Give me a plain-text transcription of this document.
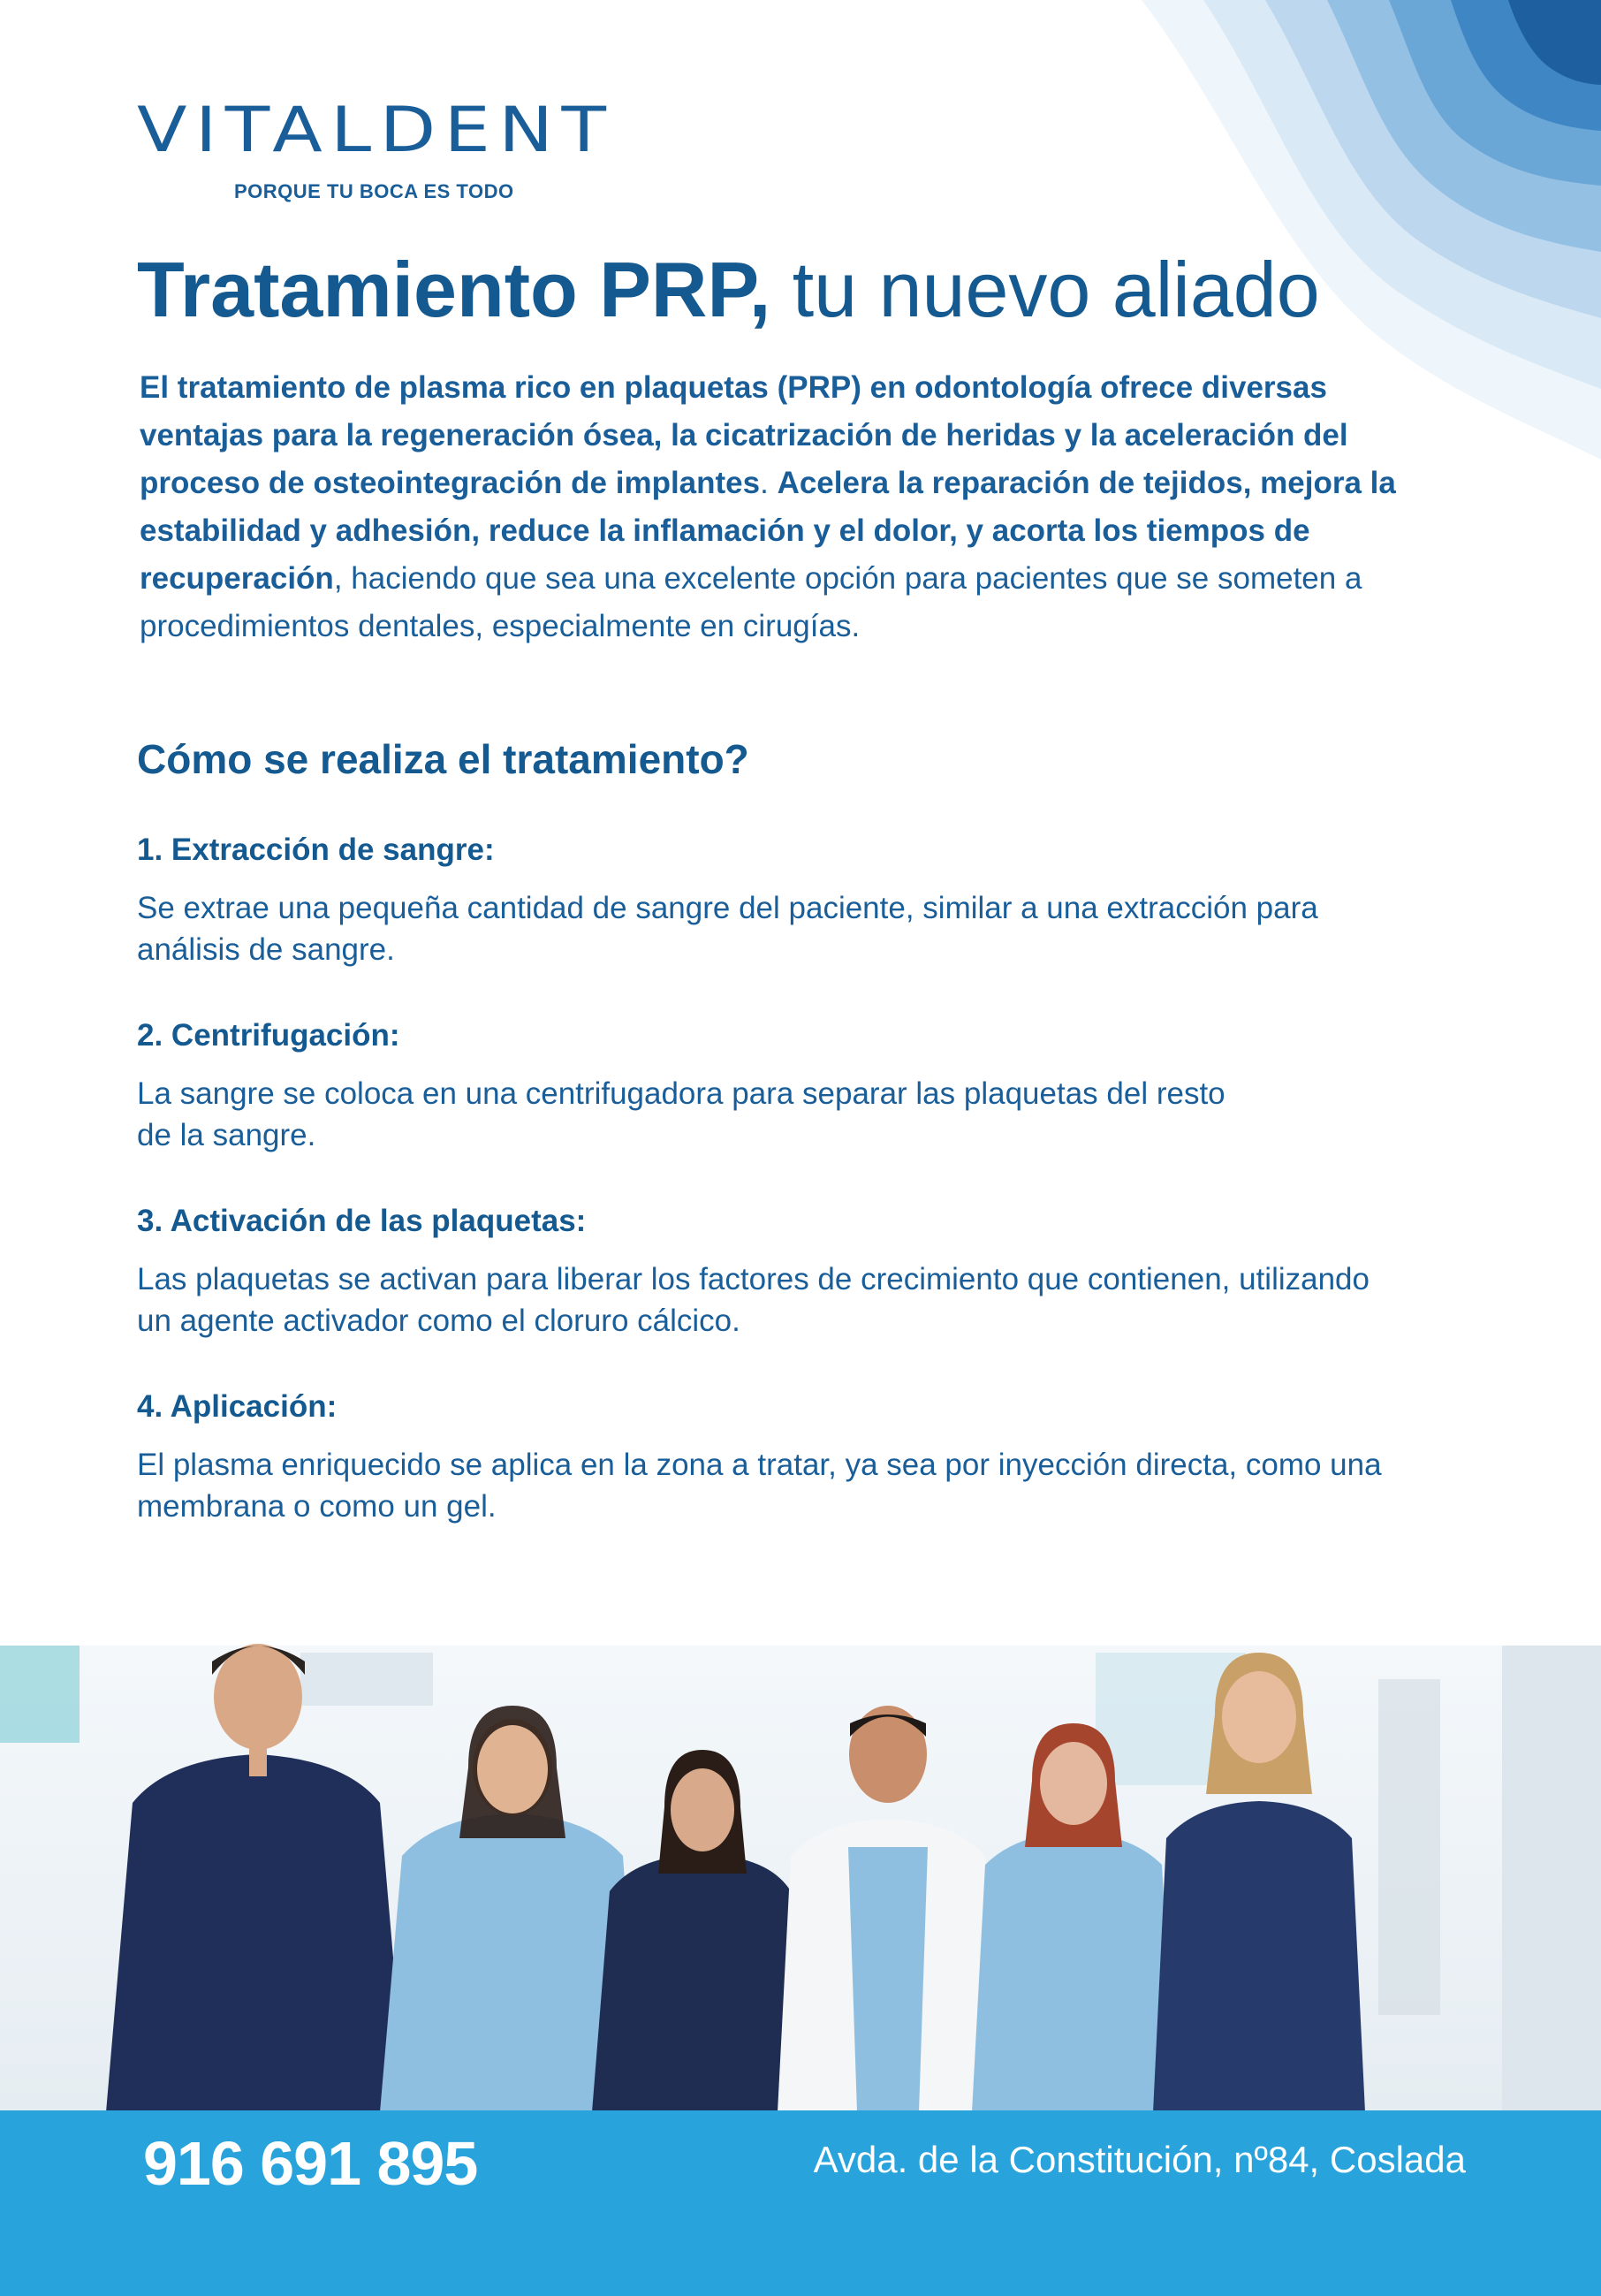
VITALDENT
PORQUE TU BOCA ES TODO
Tratamiento PRP, tu nuevo aliado

El tratamiento de plasma rico en plaquetas (PRP) en odontología ofrece diversas ventajas para la regeneración ósea, la cicatrización de heridas y la aceleración del proceso de osteointegración de implantes. Acelera la reparación de tejidos, mejora la estabilidad y adhesión, reduce la inflamación y el dolor, y acorta los tiempos de recuperación, haciendo que sea una excelente opción para pacientes que se someten a procedimientos dentales, especialmente en cirugías.

Cómo se realiza el tratamiento?

1. Extracción de sangre:

Se extrae una pequeña cantidad de sangre del paciente, similar a una extracción para análisis de sangre.

2. Centrifugación:

La sangre se coloca en una centrifugadora para separar las plaquetas del resto de la sangre.

3. Activación de las plaquetas:

Las plaquetas se activan para liberar los factores de crecimiento que contienen, utilizando un agente activador como el cloruro cálcico.

4. Aplicación:

El plasma enriquecido se aplica en la zona a tratar, ya sea por inyección directa, como una membrana o como un gel.

916 691 895	Avda. de la Constitución, nº84, Coslada
